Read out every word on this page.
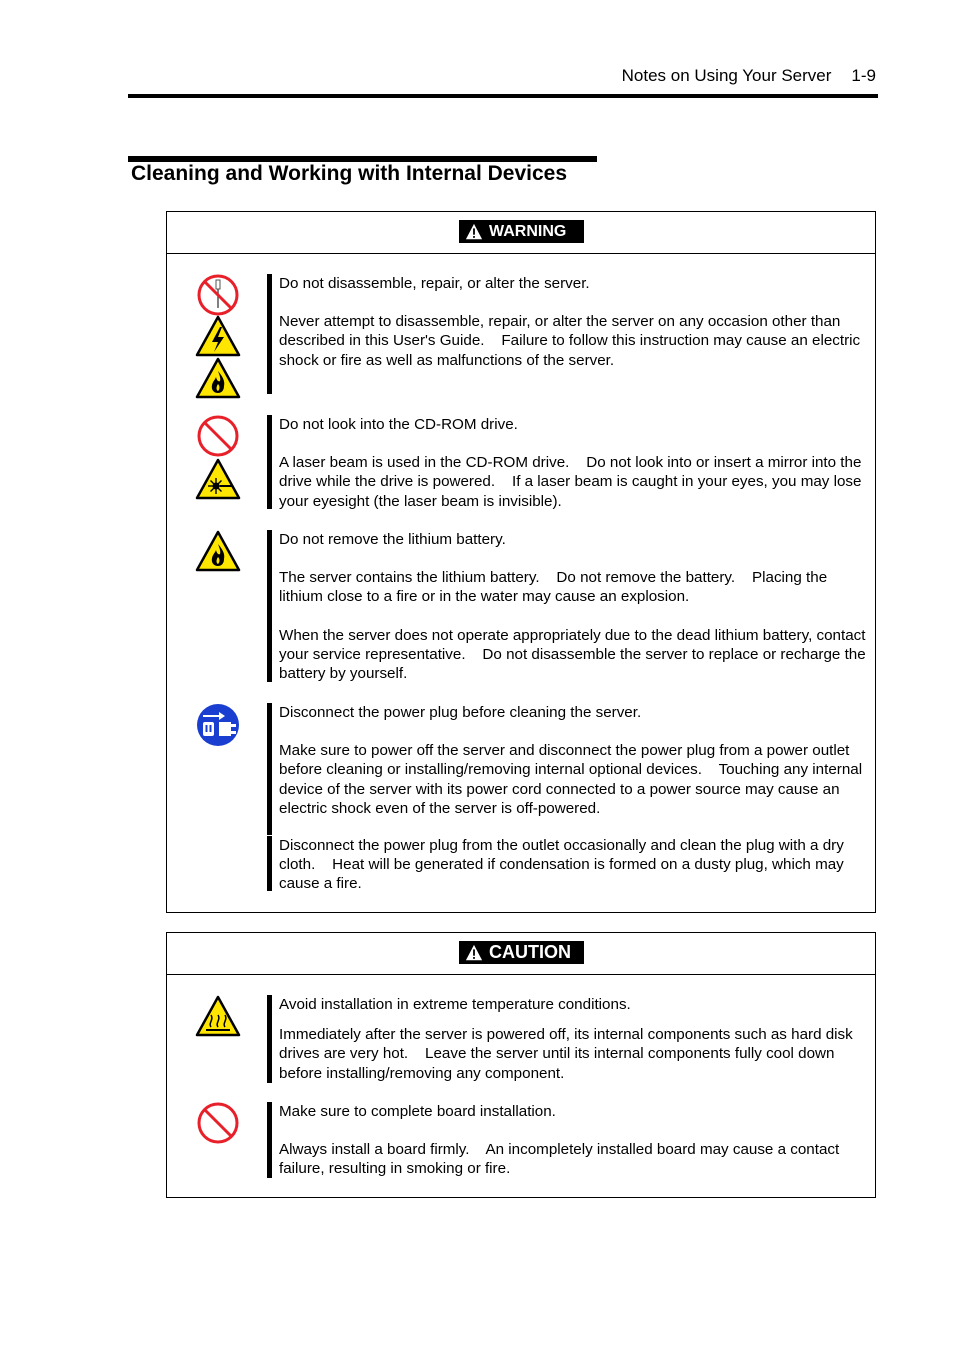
Notes on Using Your Server 1-9
Cleaning and Working with Internal Devices
WARNING

Do not disassemble, repair, or alter the server.

Never attempt to disassemble, repair, or alter the server on any occasion other than described in this User's Guide.    Failure to follow this instruction may cause an electric shock or fire as well as malfunctions of the server.

Do not look into the CD-ROM drive.

A laser beam is used in the CD-ROM drive.    Do not look into or insert a mirror into the drive while the drive is powered.    If a laser beam is caught in your eyes, you may lose your eyesight (the laser beam is invisible).

Do not remove the lithium battery.

The server contains the lithium battery.    Do not remove the battery.    Placing the lithium close to a fire or in the water may cause an explosion.

When the server does not operate appropriately due to the dead lithium battery, contact your service representative.    Do not disassemble the server to replace or recharge the battery by yourself.

Disconnect the power plug before cleaning the server.

Make sure to power off the server and disconnect the power plug from a power outlet before cleaning or installing/removing internal optional devices.    Touching any internal device of the server with its power cord connected to a power source may cause an electric shock even of the server is off-powered.

Disconnect the power plug from the outlet occasionally and clean the plug with a dry cloth.    Heat will be generated if condensation is formed on a dusty plug, which may cause a fire.

CAUTION

Avoid installation in extreme temperature conditions.

Immediately after the server is powered off, its internal components such as hard disk drives are very hot.    Leave the server until its internal components fully cool down before installing/removing any component.

Make sure to complete board installation.

Always install a board firmly.    An incompletely installed board may cause a contact failure, resulting in smoking or fire.
